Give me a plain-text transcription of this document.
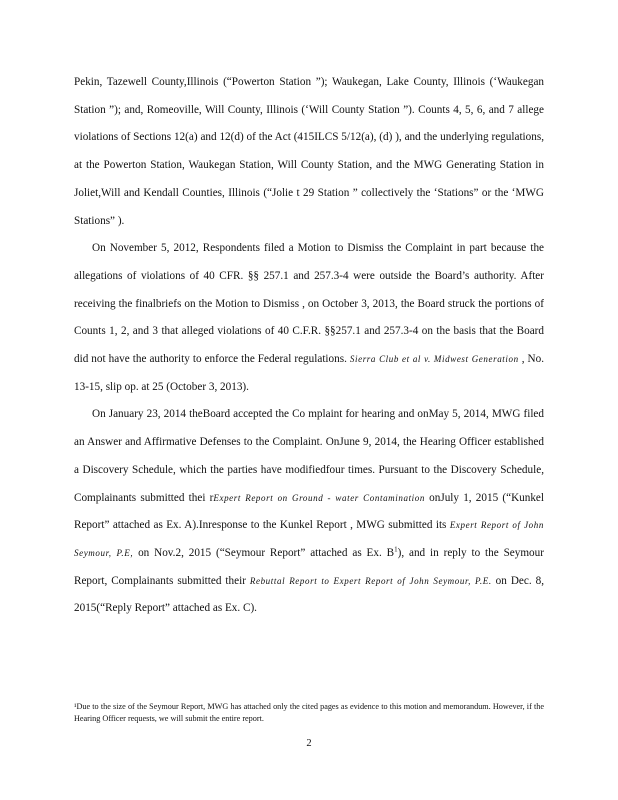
Pekin, Tazewell County,Illinois (“Powerton Station ”); Waukegan, Lake County, Illinois (‘Waukegan Station ”); and, Romeoville, Will County, Illinois (‘Will County Station ”). Counts 4, 5, 6, and 7 allege violations of Sections 12(a) and 12(d) of the Act (415ILCS 5/12(a), (d) ), and the underlying regulations, at the Powerton Station, Waukegan Station, Will County Station, and the MWG Generating Station in Joliet,Will and Kendall Counties, Illinois (“Jolie t 29 Station ” collectively the ‘Stations” or the ‘MWG Stations” ).

On November 5, 2012, Respondents filed a Motion to Dismiss the Complaint in part because the allegations of violations of 40 CFR. §§ 257.1 and 257.3-4 were outside the Board’s authority. After receiving the finalbriefs on the Motion to Dismiss , on October 3, 2013, the Board struck the portions of Counts 1, 2, and 3 that alleged violations of 40 C.F.R. §§257.1 and 257.3-4 on the basis that the Board did not have the authority to enforce the Federal regulations. Sierra Club et al v. Midwest Generation , No. 13-15, slip op. at 25 (October 3, 2013).

On January 23, 2014 theBoard accepted the Co mplaint for hearing and onMay 5, 2014, MWG filed an Answer and Affirmative Defenses to the Complaint. OnJune 9, 2014, the Hearing Officer established a Discovery Schedule, which the parties have modifiedfour times. Pursuant to the Discovery Schedule, Complainants submitted thei rExpert Report on Ground - water Contamination onJuly 1, 2015 (“Kunkel Report” attached as Ex. A).Inresponse to the Kunkel Report , MWG submitted its Expert Report of John Seymour, P.E, on Nov.2, 2015 (“Seymour Report” attached as Ex. $B^1$), and in reply to the Seymour Report, Complainants submitted their Rebuttal Report to Expert Report of John Seymour, P.E. on Dec. 8, 2015(“Reply Report” attached as Ex. C).

¹Due to the size of the Seymour Report, MWG has attached only the cited pages as evidence to this motion and memorandum. However, if the Hearing Officer requests, we will submit the entire report.
2
